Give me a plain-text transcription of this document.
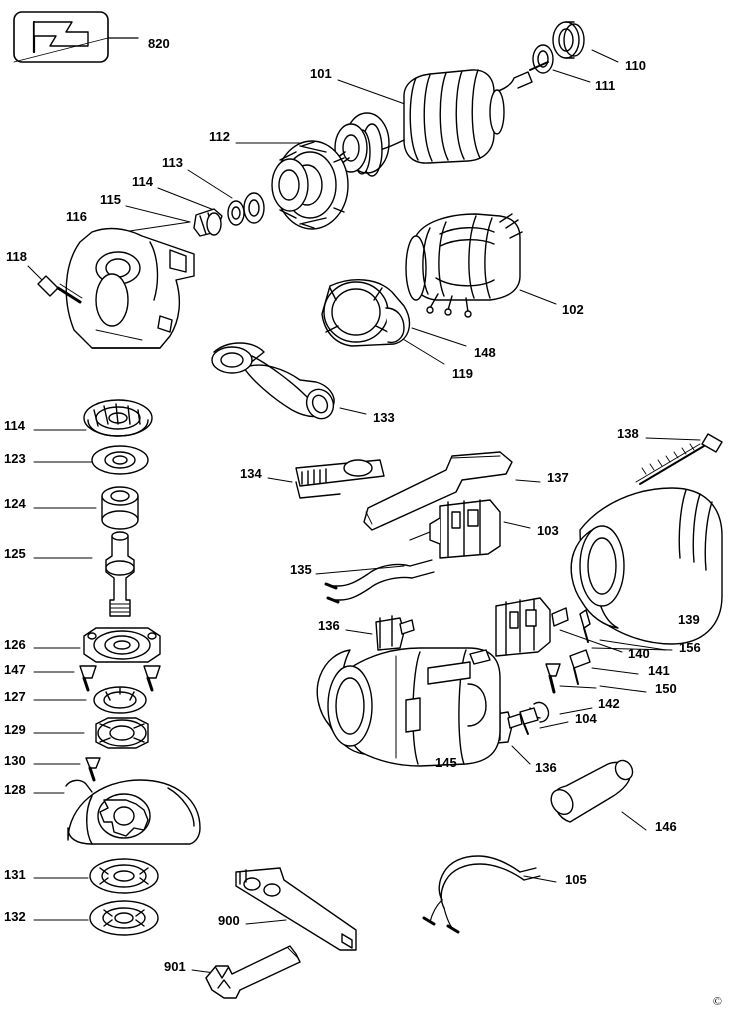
820
101
110
111
112
113
114
115
116
118
102
148
119
133
114
123
124
125
138
134	137
103
135
139
126
136
140 156
147	141
150
127	142
104
129
130	145	136
128
146
131	105
132	900
901
©
